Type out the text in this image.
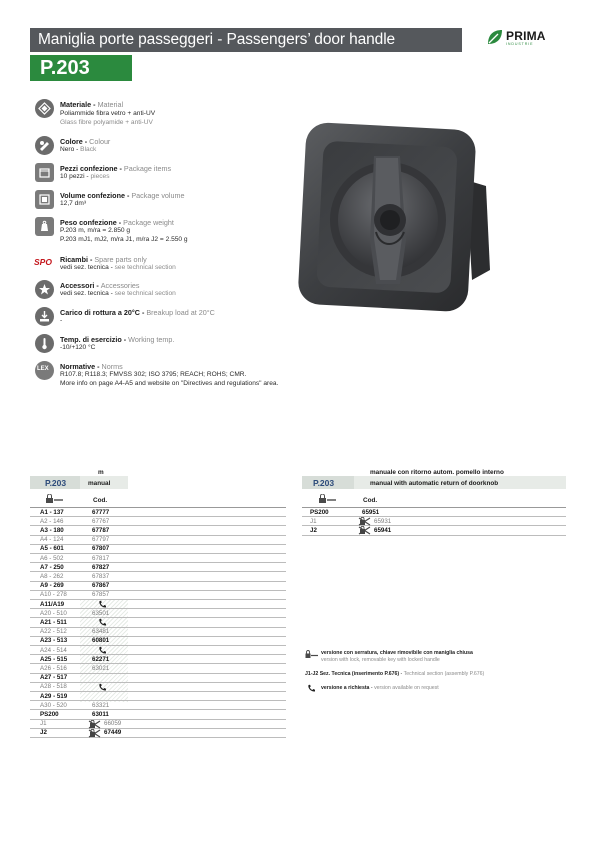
Maniglia porte passeggeri - Passengers’ door handle
P.203
PRIMA
INDUSTRIE
Materiale - Material
Poliammide fibra vetro + anti-UV
Glass fibre polyamide + anti-UV
Colore - Colour
Nero - Black
Pezzi confezione - Package items
10 pezzi - pieces
Volume confezione - Package volume
12,7 dm³
Peso confezione - Package weight
P.203 m, m/ra = 2.850 g
P.203 mJ1, mJ2, m/ra J1, m/ra J2 = 2.550 g
SPO Ricambi - Spare parts only
vedi sez. tecnica - see technical section
Accessori - Accessories
vedi sez. tecnica - see technical section
Carico di rottura a 20°C - Breakup load at 20°C
-
Temp. di esercizio - Working temp.
-10/+120 °C
LEX Normative - Norms
R107.8; R118.3; FMVSS 302; ISO 3795; REACH; ROHS; CMR.
More info on page A4-A5 and website on "Directives and regulations" area.
P.203
m
manual
Cod.
A1 - 137	67777
A2 - 146	67767
A3 - 180	67787
A4 - 124	67797
A5 - 601	67807
A6 - 502	67817
A7 - 250	67827
A8 - 262	67837
A9 - 269	67867
A10 - 278	67857
A11/A19
A20 - 510	63501
A21 - 511
A22 - 512	63481
A23 - 513	60801
A24 - 514
A25 - 515	62271
A26 - 516	63021
A27 - 517
A28 - 518
A29 - 519
A30 - 520	63321
PS200	63011
J1	66059
J2	67449
P.203
manuale con ritorno autom. pomello interno
manual with automatic return of doorknob
Cod.
PS200	65951
J1	65931
J2	65941
versione con serratura, chiave rimovibile con maniglia chiusa
version with lock, removable key with locked handle
J1-J2 Sez. Tecnica (inserimento P.676) - Technical section (assembly P.676)
versione a richiesta - version available on request
